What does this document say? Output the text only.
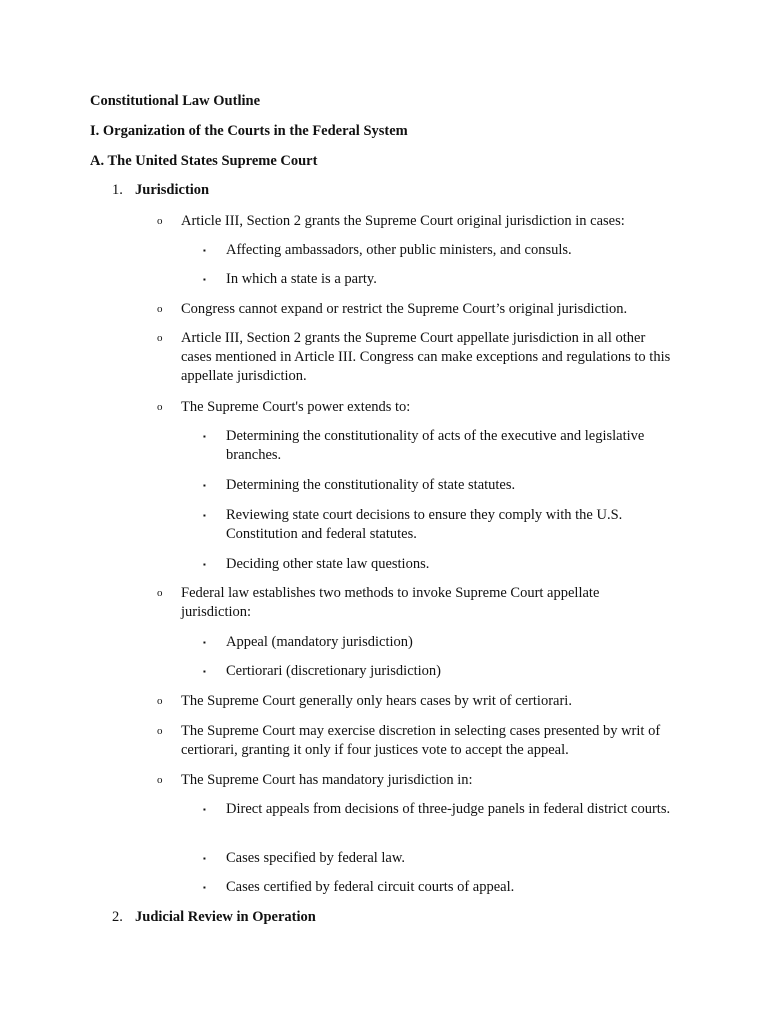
Constitutional Law Outline
I. Organization of the Courts in the Federal System
A. The United States Supreme Court
1. Jurisdiction
o	Article III, Section 2 grants the Supreme Court original jurisdiction in cases:
▪	Affecting ambassadors, other public ministers, and consuls.
▪	In which a state is a party.
o	Congress cannot expand or restrict the Supreme Court’s original jurisdiction.
o	Article III, Section 2 grants the Supreme Court appellate jurisdiction in all other cases mentioned in Article III. Congress can make exceptions and regulations to this appellate jurisdiction.
o	The Supreme Court's power extends to:
▪	Determining the constitutionality of acts of the executive and legislative branches.
▪	Determining the constitutionality of state statutes.
▪	Reviewing state court decisions to ensure they comply with the U.S. Constitution and federal statutes.
▪	Deciding other state law questions.
o	Federal law establishes two methods to invoke Supreme Court appellate jurisdiction:
▪	Appeal (mandatory jurisdiction)
▪	Certiorari (discretionary jurisdiction)
o	The Supreme Court generally only hears cases by writ of certiorari.
o	The Supreme Court may exercise discretion in selecting cases presented by writ of certiorari, granting it only if four justices vote to accept the appeal.
o	The Supreme Court has mandatory jurisdiction in:
▪	Direct appeals from decisions of three-judge panels in federal district courts.
▪	Cases specified by federal law.
▪	Cases certified by federal circuit courts of appeal.
2. Judicial Review in Operation
